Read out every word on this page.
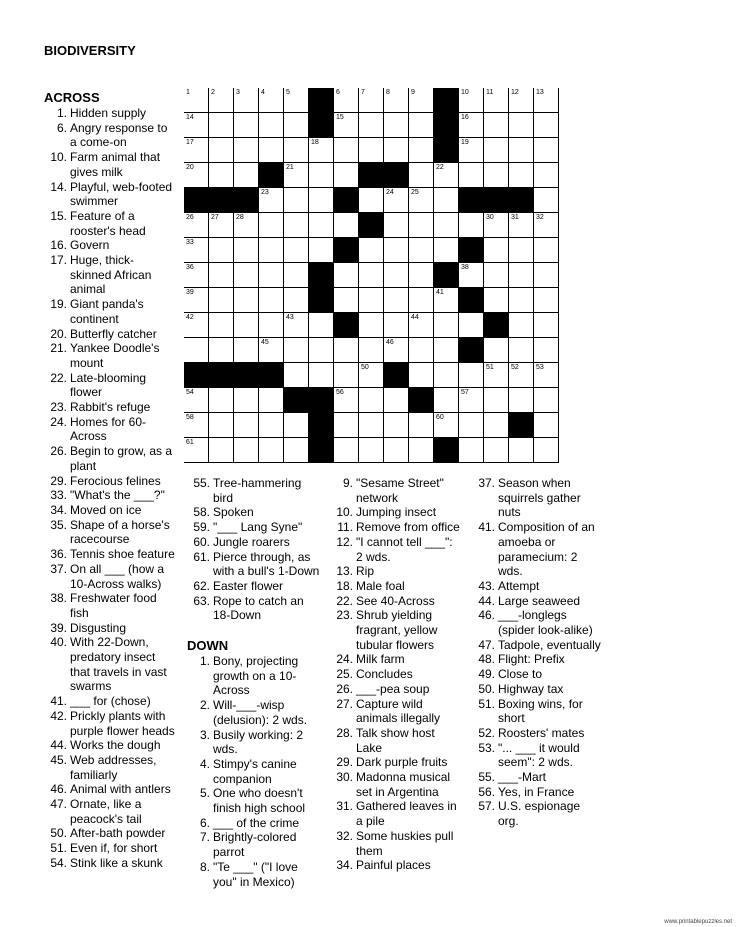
BIODIVERSITY
1	2	3	4	5	6	7	8	9	10 11	12 13
14	15	16
17	18	19
20	21	22
23	24 25
26 27 28	30 31 32
33
36	38
39	41
42	43	44
45	46
50	51 52 53
54	56	57
58	60
61
ACROSS
1. Hidden supply
6. Angry response to
a come-on
10. Farm animal that
gives milk
14. Playful, web-footed
swimmer
15. Feature of a
rooster's head
16. Govern
17. Huge, thick-
skinned African
animal
19. Giant panda's
continent
20. Butterfly catcher
21. Yankee Doodle's
mount
22. Late-blooming
flower
23. Rabbit's refuge
24. Homes for 60-
Across
26. Begin to grow, as a
plant
29. Ferocious felines
33. "What's the ___?"
34. Moved on ice
35. Shape of a horse's
racecourse
36. Tennis shoe feature
37. On all ___ (how a
10-Across walks)
38. Freshwater food
fish
39. Disgusting
40. With 22-Down,
predatory insect
that travels in vast
swarms
41. ___ for (chose)
42. Prickly plants with
purple flower heads
44. Works the dough
45. Web addresses,
familiarly
46. Animal with antlers
47. Ornate, like a
peacock's tail
50. After-bath powder
51. Even if, for short
54. Stink like a skunk
55. Tree-hammering
bird
58. Spoken
59. "___ Lang Syne"
60. Jungle roarers
61. Pierce through, as
with a bull's 1-Down
62. Easter flower
63. Rope to catch an
18-Down
DOWN
1. Bony, projecting
growth on a 10-
Across
2. Will-___-wisp
(delusion): 2 wds.
3. Busily working: 2
wds.
4. Stimpy's canine
companion
5. One who doesn't
finish high school
6. ___ of the crime
7. Brightly-colored
parrot
8. "Te ___" ("I love
you" in Mexico)
9. "Sesame Street"
network
10. Jumping insect
11. Remove from office
12. "I cannot tell ___":
2 wds.
13. Rip
18. Male foal
22. See 40-Across
23. Shrub yielding
fragrant, yellow
tubular flowers
24. Milk farm
25. Concludes
26. ___-pea soup
27. Capture wild
animals illegally
28. Talk show host
Lake
29. Dark purple fruits
30. Madonna musical
set in Argentina
31. Gathered leaves in
a pile
32. Some huskies pull
them
34. Painful places
37. Season when
squirrels gather
nuts
41. Composition of an
amoeba or
paramecium: 2
wds.
43. Attempt
44. Large seaweed
46. ___-longlegs
(spider look-alike)
47. Tadpole, eventually
48. Flight: Prefix
49. Close to
50. Highway tax
51. Boxing wins, for
short
52. Roosters' mates
53. "... ___ it would
seem": 2 wds.
55. ___-Mart
56. Yes, in France
57. U.S. espionage
org.
www.printablepuzzles.net
